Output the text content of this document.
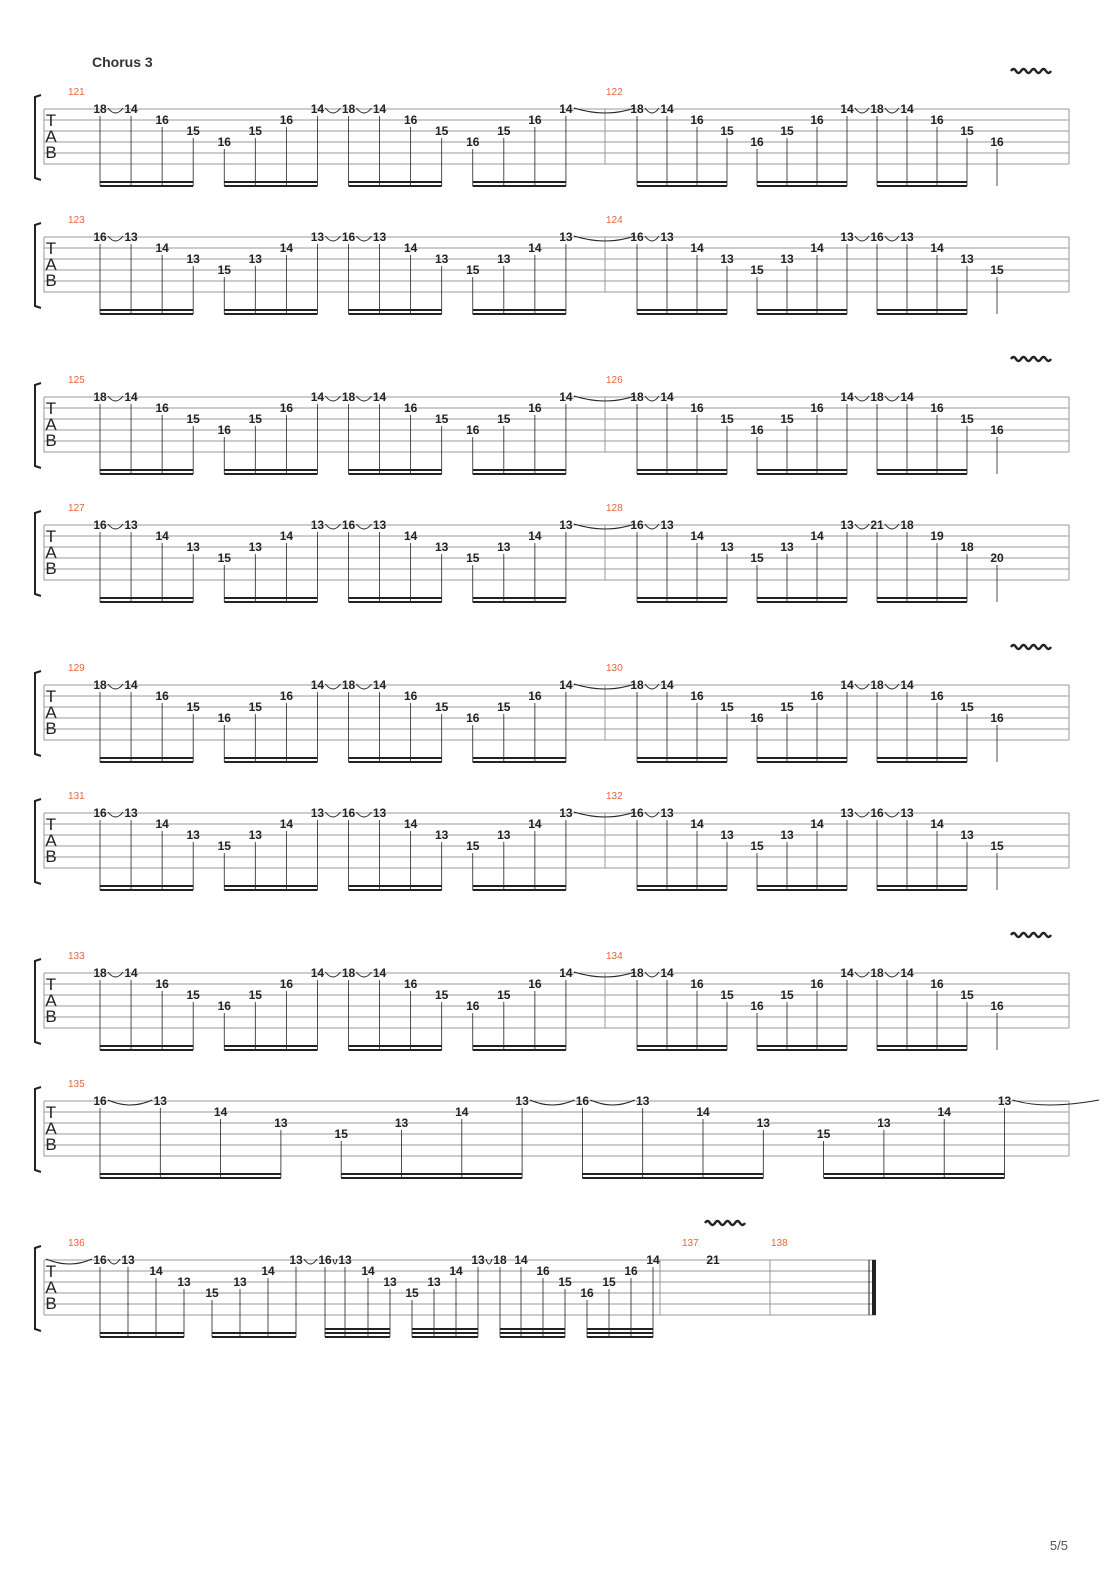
Chorus 3
T
A
B
121
18 14
16
15
16
15
16
14 18 14
16
15
16
15
16
14
122
18 14
16
15
16
15
16
14 18 14
16
15
16
T
A
B
123
16 13
14
13
15
13
14
13 16 13
14
13
15
13
14
13
124
16 13
14
13
15
13
14
13 16 13
14
13
15
T
A
B
125
18 14
16
15
16
15
16
14 18 14
16
15
16
15
16
14
126
18 14
16
15
16
15
16
14 18 14
16
15
16
T
A
B
127
16 13
14
13
15
13
14
13 16 13
14
13
15
13
14
13
128
16 13
14
13
15
13
14
13 21 18
19
18
20
T
A
B
129
18 14
16
15
16
15
16
14 18 14
16
15
16
15
16
14
130
18 14
16
15
16
15
16
14 18 14
16
15
16
T
A
B
131
16 13
14
13
15
13
14
13 16 13
14
13
15
13
14
13
132
16 13
14
13
15
13
14
13 16 13
14
13
15
T
A
B
133
18 14
16
15
16
15
16
14 18 14
16
15
16
15
16
14
134
18 14
16
15
16
15
16
14 18 14
16
15
16
T
A
B
135
16	13
14
13
15
13
14
13	16	13
14
13
15
13
14
13
T
A
B
136
16 13
14
13
15
13
14
13 16 13
14
13
15
13
14
13 18 14
16
15
16
15
16
14
137
21
138
5/5
